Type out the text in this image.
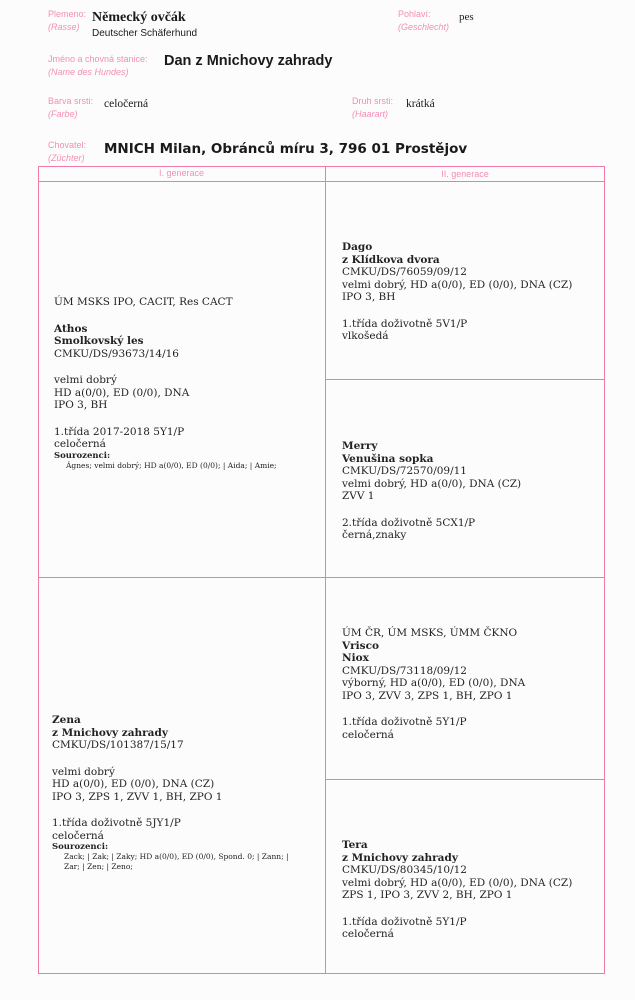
Plemeno:
(Rasse)
Německý ovčák
Deutscher Schäferhund
Pohlaví:
(Geschlecht)
pes
Jméno a chovná stanice:
(Name des Hundes)
Dan z Mnichovy zahrady
Barva srsti:
(Farbe)
celočerná	Druh srsti:
(Haarart)
krátká
Chovatel:
(Züchter)
MNICH Milan, Obránců míru 3, 796 01 Prostějov
I. generace	II. generace
ÚM MSKS IPO, CACIT, Res CACT
Athos
Smolkovský les
CMKU/DS/93673/14/16
velmi dobrý
HD a(0/0), ED (0/0), DNA
IPO 3, BH
1.třída 2017-2018 5Y1/P
celočerná
Sourozenci:
Ágnes; velmi dobrý; HD a(0/0), ED (0/0); | Aida; | Amie;
Dago
z Klídkova dvora
CMKU/DS/76059/09/12
velmi dobrý, HD a(0/0), ED (0/0), DNA (CZ)
IPO 3, BH
1.třída doživotně 5V1/P
vlkošedá
Merry
Venušina sopka
CMKU/DS/72570/09/11
velmi dobrý, HD a(0/0), DNA (CZ)
ZVV 1
2.třída doživotně 5CX1/P
černá,znaky
Zena
z Mnichovy zahrady
CMKU/DS/101387/15/17
velmi dobrý
HD a(0/0), ED (0/0), DNA (CZ)
IPO 3, ZPS 1, ZVV 1, BH, ZPO 1
1.třída doživotně 5JY1/P
celočerná
Sourozenci:
Zack; | Zak; | Zaky; HD a(0/0), ED (0/0), Spond. 0; | Zann; |
Zar; | Zen; | Zeno;
ÚM ČR, ÚM MSKS, ÚMM ČKNO
Vrisco
Niox
CMKU/DS/73118/09/12
výborný, HD a(0/0), ED (0/0), DNA
IPO 3, ZVV 3, ZPS 1, BH, ZPO 1
1.třída doživotně 5Y1/P
celočerná
Tera
z Mnichovy zahrady
CMKU/DS/80345/10/12
velmi dobrý, HD a(0/0), ED (0/0), DNA (CZ)
ZPS 1, IPO 3, ZVV 2, BH, ZPO 1
1.třída doživotně 5Y1/P
celočerná
